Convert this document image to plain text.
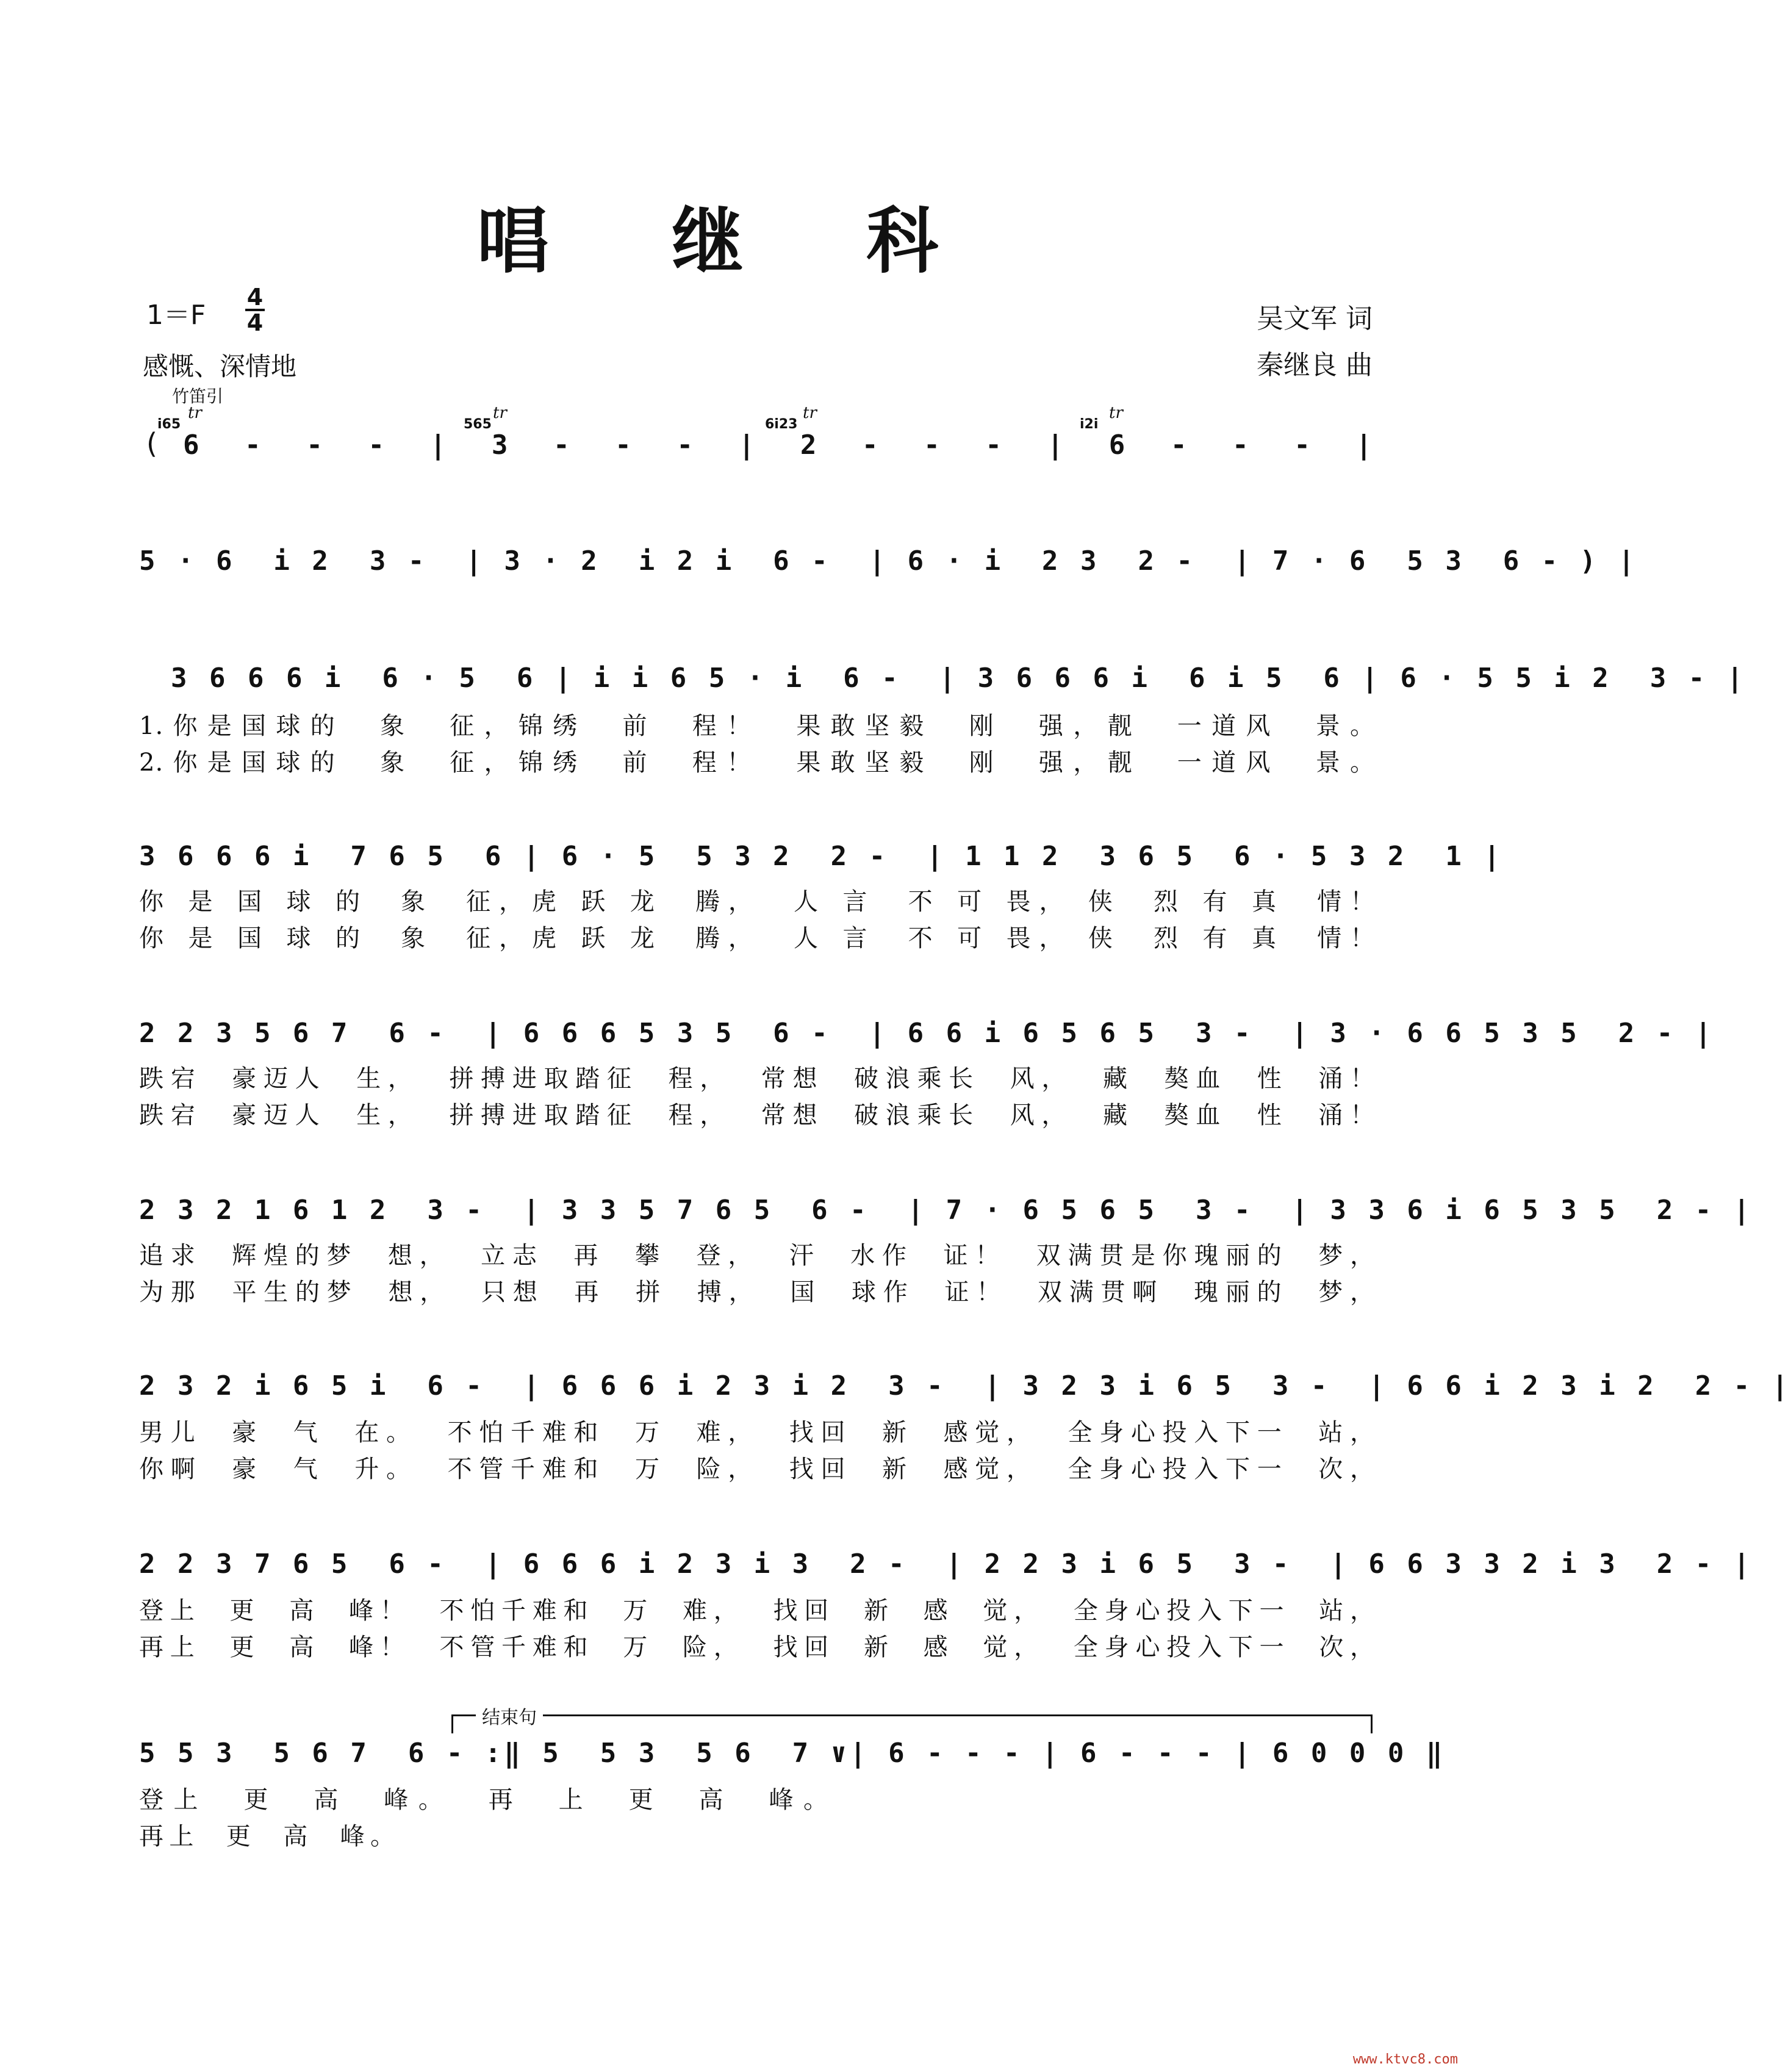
唱 继 科
1＝F
4
4
感慨、深情地
吴文军 词
秦继良 曲
竹笛引
i65	565	6i23	i2i
tr	tr	tr	tr
( 6  -  -  -  |  3  -  -  -  |  2  -  -  -  |  6  -  -  -  |
5 · 6  i 2  3 -  | 3 · 2  i 2 i  6 -  | 6 · i  2 3  2 -  | 7 · 6  5 3  6 - ) |
3 6 6 6 i  6 · 5  6 | i i 6 5 · i  6 -  | 3 6 6 6 i  6 i 5  6 | 6 · 5 5 i 2  3 - |
3 6 6 6 i  7 6 5  6 | 6 · 5  5 3 2  2 -  | 1 1 2  3 6 5  6 · 5 3 2  1 |
2 2 3 5 6 7  6 -  | 6 6 6 5 3 5  6 -  | 6 6 i 6 5 6 5  3 -  | 3 · 6 6 5 3 5  2 - |
2 3 2 1 6 1 2  3 -  | 3 3 5 7 6 5  6 -  | 7 · 6 5 6 5  3 -  | 3 3 6 i 6 5 3 5  2 - |
2 3 2 i 6 5 i  6 -  | 6 6 6 i 2 3 i 2  3 -  | 3 2 3 i 6 5  3 -  | 6 6 i 2 3 i 2  2 - |
2 2 3 7 6 5  6 -  | 6 6 6 i 2 3 i 3  2 -  | 2 2 3 i 6 5  3 -  | 6 6 3 3 2 i 3  2 - |
5 5 3  5 6 7  6 - :‖ 5  5 3  5 6  7 ∨| 6 - - - | 6 - - - | 6 0 0 0 ‖
1.你是国球的  象  征，锦绣  前  程！  果敢坚毅  刚  强，靓  一道风  景。
2.你是国球的  象  征，锦绣  前  程！  果敢坚毅  刚  强，靓  一道风  景。
你 是 国 球 的  象  征，虎 跃 龙  腾，  人 言  不 可 畏， 侠  烈 有 真  情！
你 是 国 球 的  象  征，虎 跃 龙  腾，  人 言  不 可 畏， 侠  烈 有 真  情！
跌宕  豪迈人  生，  拼搏进取踏征  程，  常想  破浪乘长  风，  藏  獒血  性  涌！
跌宕  豪迈人  生，  拼搏进取踏征  程，  常想  破浪乘长  风，  藏  獒血  性  涌！
追求  辉煌的梦  想，  立志  再  攀  登，  汗  水作  证！  双满贯是你瑰丽的  梦，
为那  平生的梦  想，  只想  再  拼  搏，  国  球作  证！  双满贯啊  瑰丽的  梦，
男儿  豪  气  在。  不怕千难和  万  难，  找回  新  感觉，  全身心投入下一  站，
你啊  豪  气  升。  不管千难和  万  险，  找回  新  感觉，  全身心投入下一  次，
登上  更  高  峰！  不怕千难和  万  难，  找回  新  感  觉，  全身心投入下一  站，
再上  更  高  峰！  不管千难和  万  险，  找回  新  感  觉，  全身心投入下一  次，
登上  更  高  峰。  再  上  更  高  峰。
再上  更  高  峰。
结束句
www.ktvc8.com
